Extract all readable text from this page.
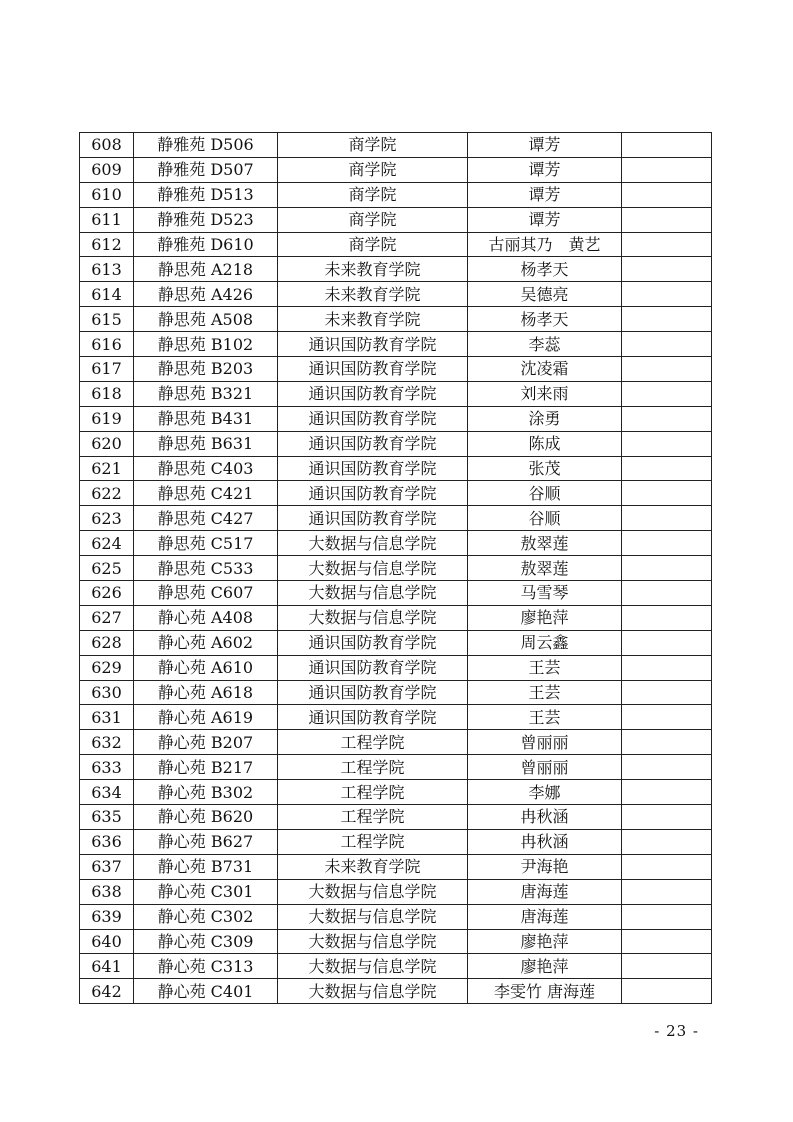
608	静雅苑 D506	商学院	谭芳	
609	静雅苑 D507	商学院	谭芳	
610	静雅苑 D513	商学院	谭芳	
611	静雅苑 D523	商学院	谭芳	
612	静雅苑 D610	商学院	古丽其乃　黄艺	
613	静思苑 A218	未来教育学院	杨孝天	
614	静思苑 A426	未来教育学院	吴德亮	
615	静思苑 A508	未来教育学院	杨孝天	
616	静思苑 B102	通识国防教育学院	李蕊	
617	静思苑 B203	通识国防教育学院	沈凌霜	
618	静思苑 B321	通识国防教育学院	刘来雨	
619	静思苑 B431	通识国防教育学院	涂勇	
620	静思苑 B631	通识国防教育学院	陈成	
621	静思苑 C403	通识国防教育学院	张茂	
622	静思苑 C421	通识国防教育学院	谷顺	
623	静思苑 C427	通识国防教育学院	谷顺	
624	静思苑 C517	大数据与信息学院	敖翠莲	
625	静思苑 C533	大数据与信息学院	敖翠莲	
626	静思苑 C607	大数据与信息学院	马雪琴	
627	静心苑 A408	大数据与信息学院	廖艳萍	
628	静心苑 A602	通识国防教育学院	周云鑫	
629	静心苑 A610	通识国防教育学院	王芸	
630	静心苑 A618	通识国防教育学院	王芸	
631	静心苑 A619	通识国防教育学院	王芸	
632	静心苑 B207	工程学院	曾丽丽	
633	静心苑 B217	工程学院	曾丽丽	
634	静心苑 B302	工程学院	李娜	
635	静心苑 B620	工程学院	冉秋涵	
636	静心苑 B627	工程学院	冉秋涵	
637	静心苑 B731	未来教育学院	尹海艳	
638	静心苑 C301	大数据与信息学院	唐海莲	
639	静心苑 C302	大数据与信息学院	唐海莲	
640	静心苑 C309	大数据与信息学院	廖艳萍	
641	静心苑 C313	大数据与信息学院	廖艳萍	
642	静心苑 C401	大数据与信息学院	李雯竹 唐海莲	
- 23 -
